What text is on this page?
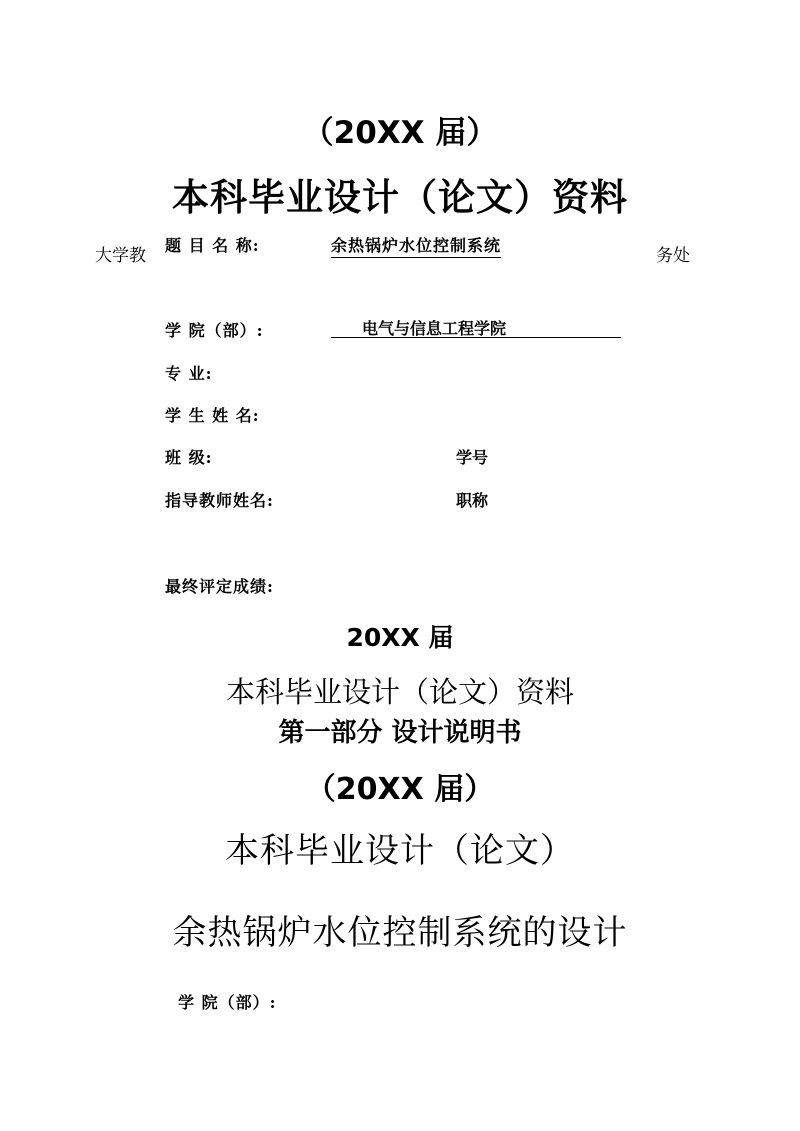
（20XX 届）
本科毕业设计（论文）资料
大学教	务处
题 目 名 称:	余热锅炉水位控制系统
学 院（部）:	电气与信息工程学院
专 业:
学 生 姓 名:
班 级:	学号
指导教师姓名:	职称
最终评定成绩:
20XX 届
本科毕业设计（论文）资料
第一部分 设计说明书
（20XX 届）
本科毕业设计（论文）
余热锅炉水位控制系统的设计
学 院（部）:
